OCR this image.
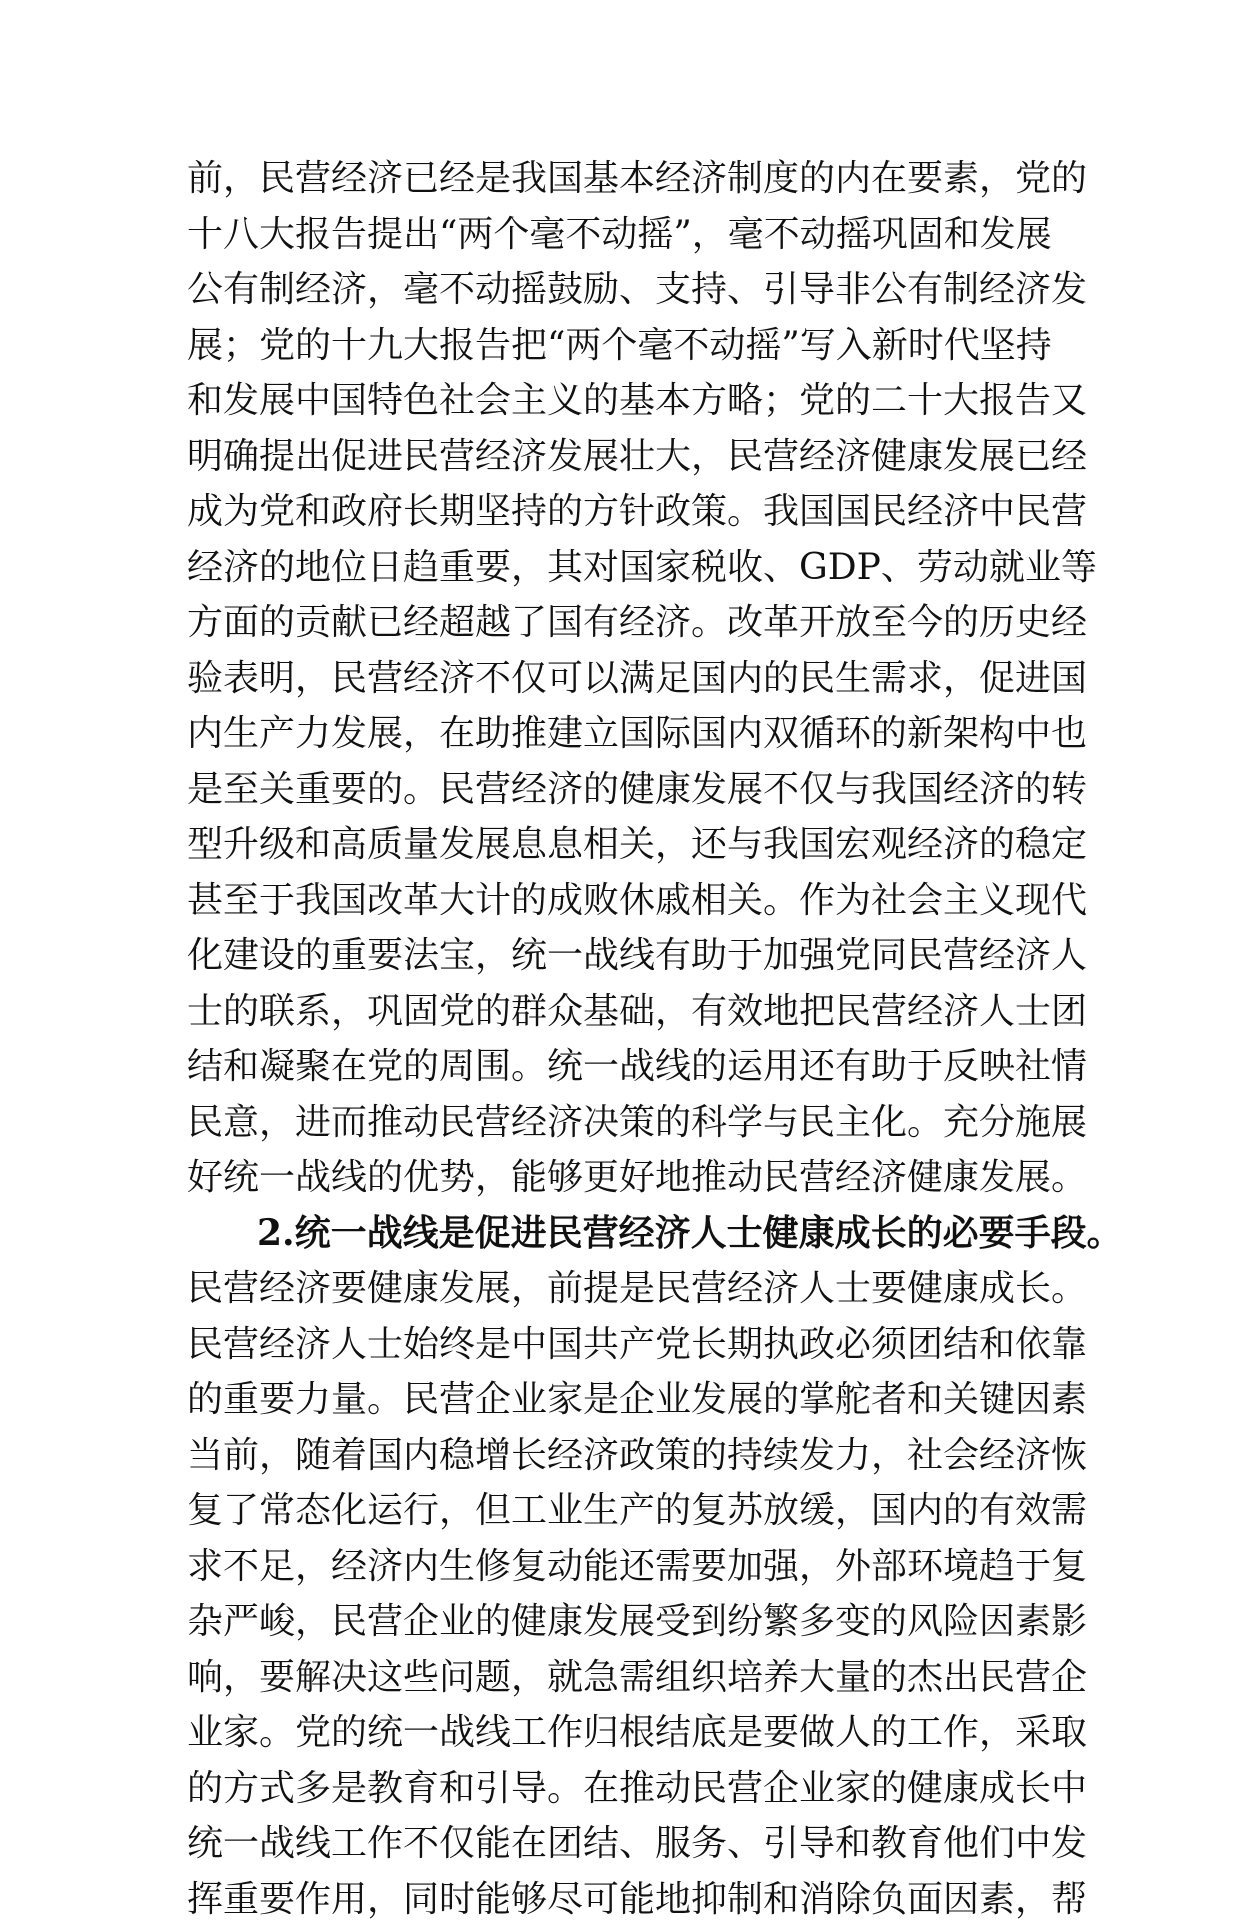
前，民营经济已经是我国基本经济制度的内在要素，党的
十八大报告提出“两个毫不动摇”，毫不动摇巩固和发展
公有制经济，毫不动摇鼓励、支持、引导非公有制经济发
展；党的十九大报告把“两个毫不动摇”写入新时代坚持
和发展中国特色社会主义的基本方略；党的二十大报告又
明确提出促进民营经济发展壮大，民营经济健康发展已经
成为党和政府长期坚持的方针政策。我国国民经济中民营
经济的地位日趋重要，其对国家税收、GDP、劳动就业等
方面的贡献已经超越了国有经济。改革开放至今的历史经
验表明，民营经济不仅可以满足国内的民生需求，促进国
内生产力发展，在助推建立国际国内双循环的新架构中也
是至关重要的。民营经济的健康发展不仅与我国经济的转
型升级和高质量发展息息相关，还与我国宏观经济的稳定
甚至于我国改革大计的成败休戚相关。作为社会主义现代
化建设的重要法宝，统一战线有助于加强党同民营经济人
士的联系，巩固党的群众基础，有效地把民营经济人士团
结和凝聚在党的周围。统一战线的运用还有助于反映社情
民意，进而推动民营经济决策的科学与民主化。充分施展
好统一战线的优势，能够更好地推动民营经济健康发展。
2.统一战线是促进民营经济人士健康成长的必要手段。
民营经济要健康发展，前提是民营经济人士要健康成长。
民营经济人士始终是中国共产党长期执政必须团结和依靠
的重要力量。民营企业家是企业发展的掌舵者和关键因素
当前，随着国内稳增长经济政策的持续发力，社会经济恢
复了常态化运行，但工业生产的复苏放缓，国内的有效需
求不足，经济内生修复动能还需要加强，外部环境趋于复
杂严峻，民营企业的健康发展受到纷繁多变的风险因素影
响，要解决这些问题，就急需组织培养大量的杰出民营企
业家。党的统一战线工作归根结底是要做人的工作，采取
的方式多是教育和引导。在推动民营企业家的健康成长中
统一战线工作不仅能在团结、服务、引导和教育他们中发
挥重要作用，同时能够尽可能地抑制和消除负面因素，帮
